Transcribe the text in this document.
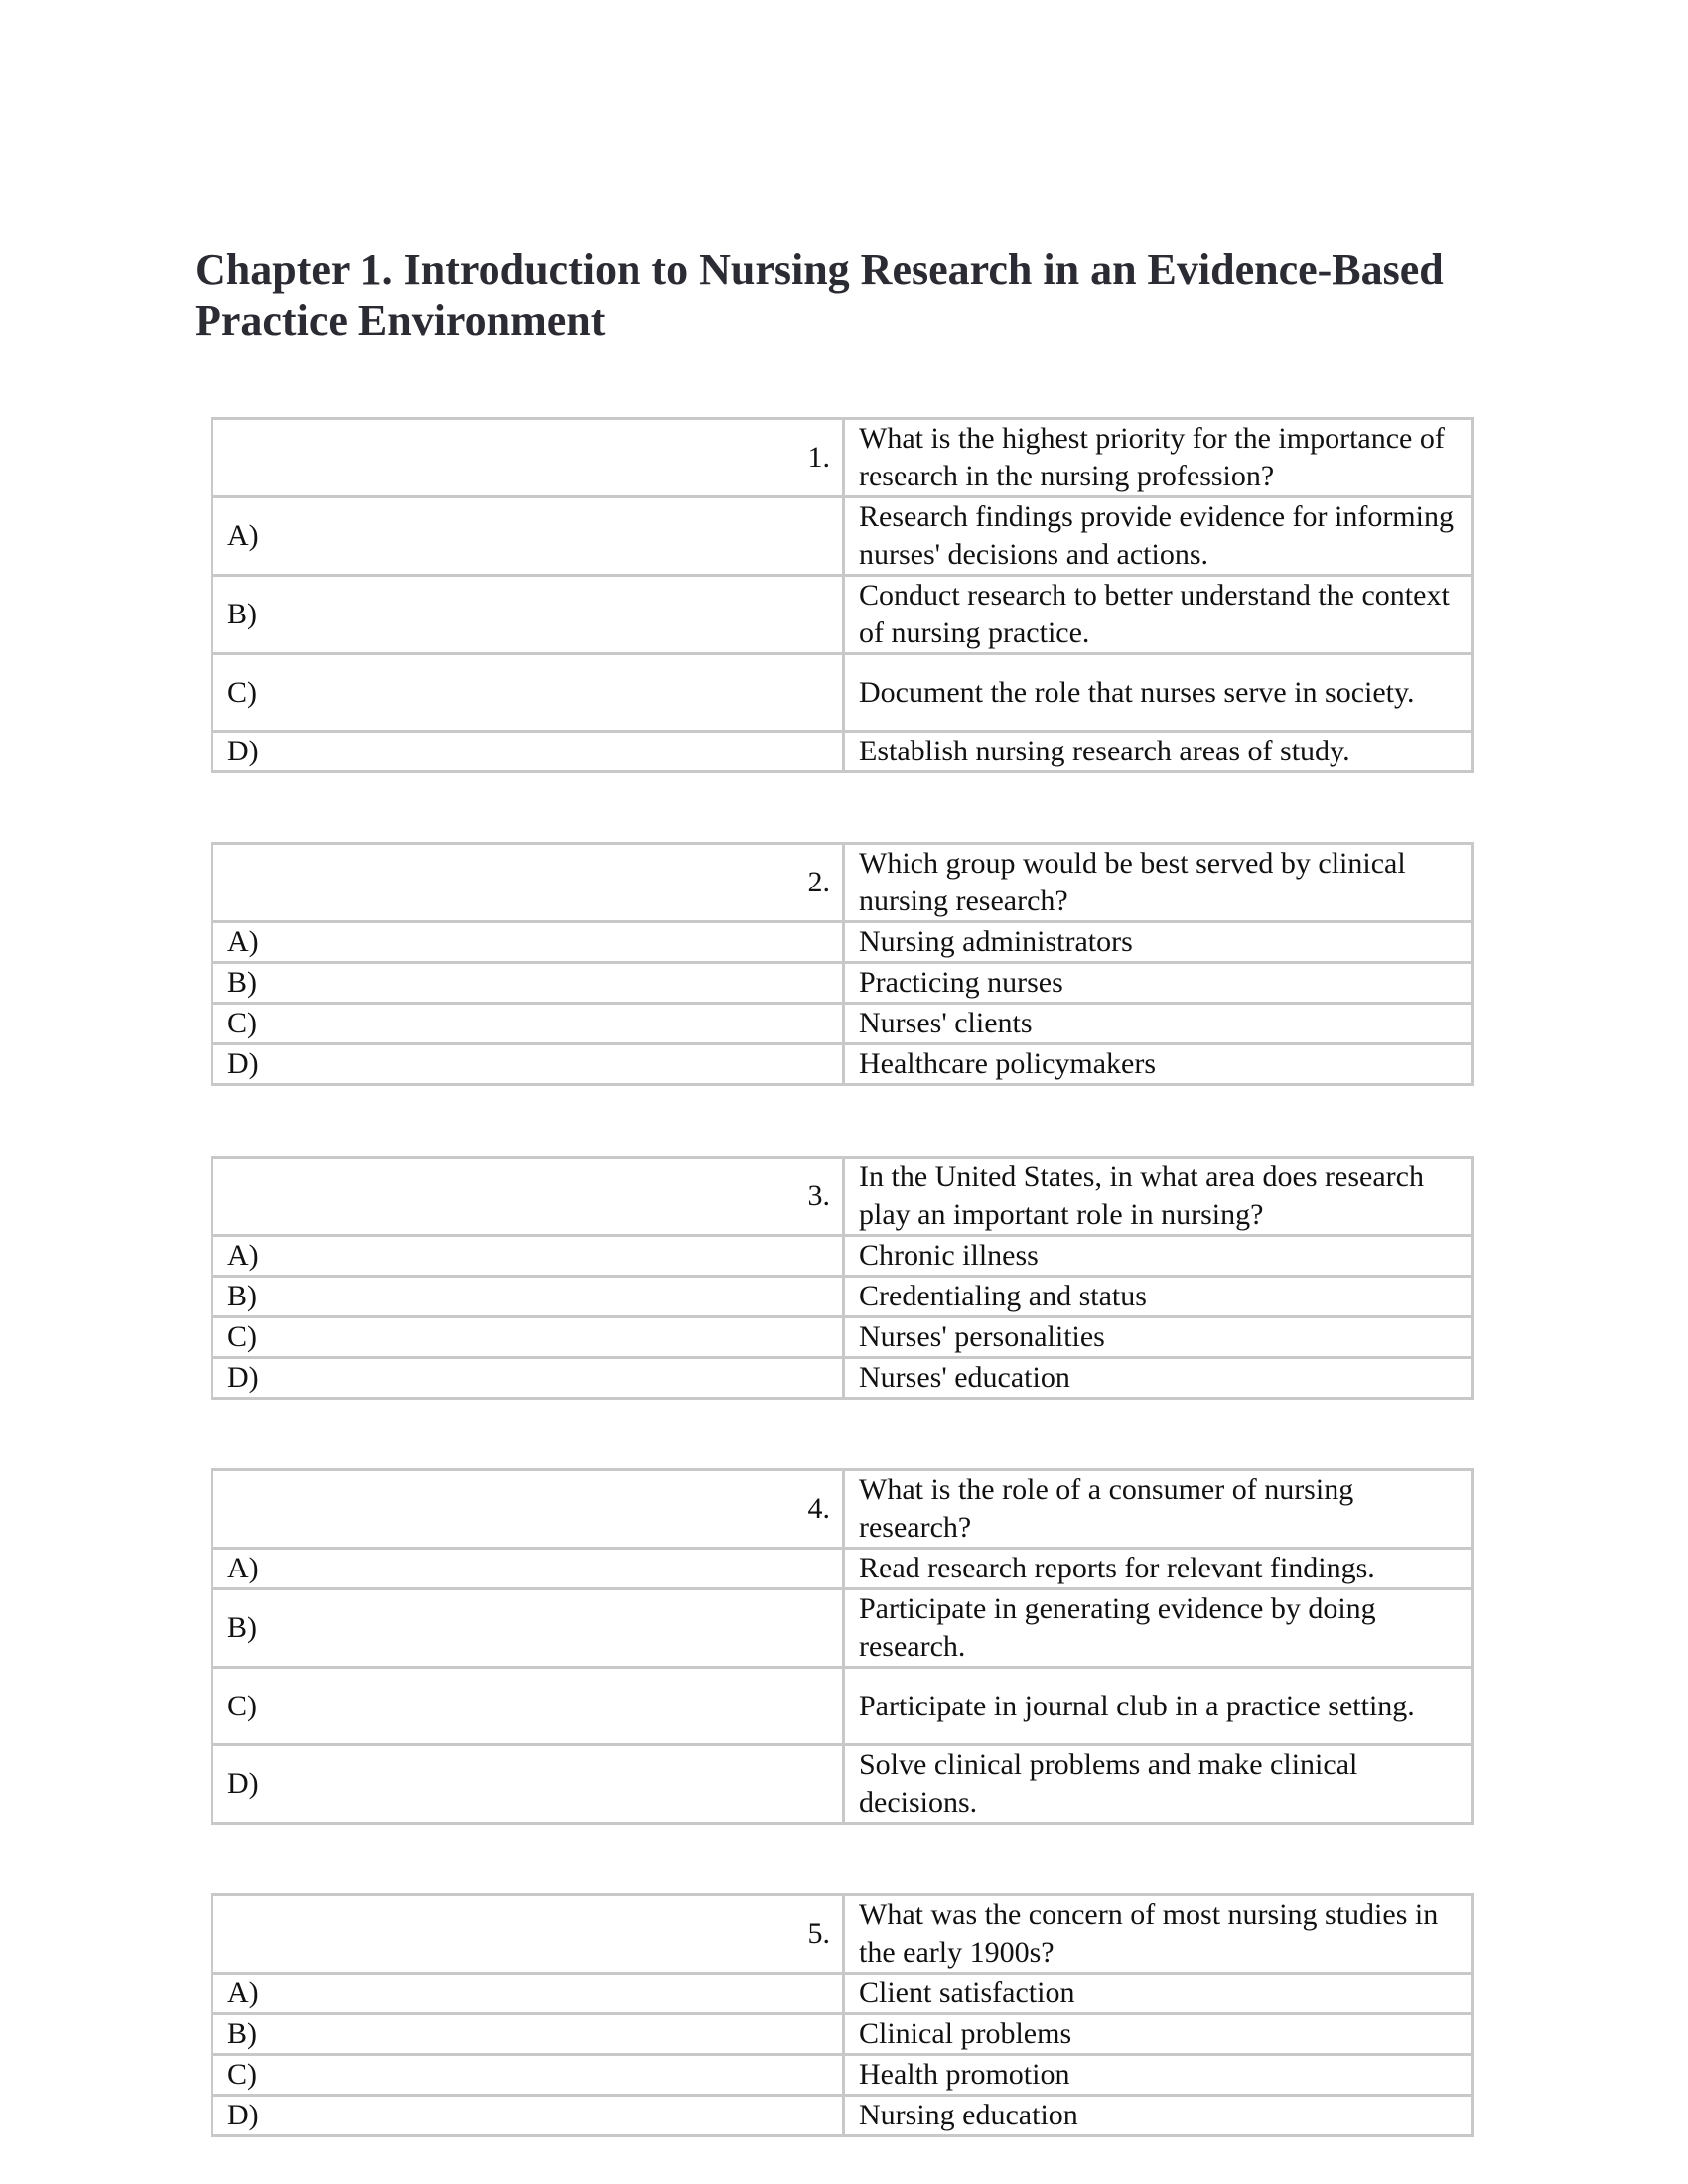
Chapter 1. Introduction to Nursing Research in an Evidence-Based Practice Environment
1.	What is the highest priority for the importance of research in the nursing profession?
A)	Research findings provide evidence for informing nurses' decisions and actions.
B)	Conduct research to better understand the context of nursing practice.
C)	Document the role that nurses serve in society.
D)	Establish nursing research areas of study.
2.	Which group would be best served by clinical nursing research?
A)	Nursing administrators
B)	Practicing nurses
C)	Nurses' clients
D)	Healthcare policymakers
3.	In the United States, in what area does research play an important role in nursing?
A)	Chronic illness
B)	Credentialing and status
C)	Nurses' personalities
D)	Nurses' education
4.	What is the role of a consumer of nursing research?
A)	Read research reports for relevant findings.
B)	Participate in generating evidence by doing research.
C)	Participate in journal club in a practice setting.
D)	Solve clinical problems and make clinical decisions.
5.	What was the concern of most nursing studies in the early 1900s?
A)	Client satisfaction
B)	Clinical problems
C)	Health promotion
D)	Nursing education
